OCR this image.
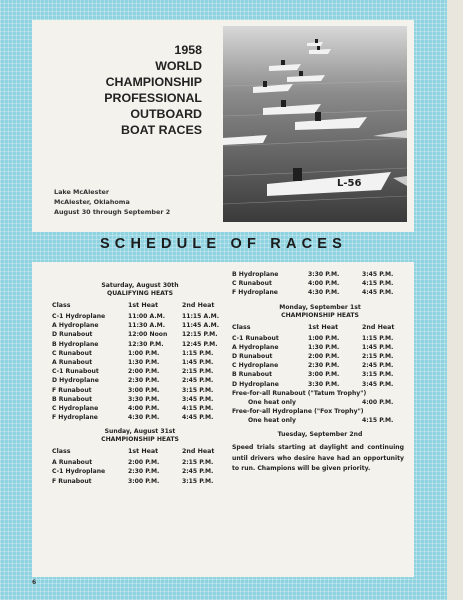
1958
WORLD
CHAMPIONSHIP
PROFESSIONAL
OUTBOARD
BOAT RACES
Lake McAlester
McAlester, Oklahoma
August 30 through September 2
L-56
SCHEDULE OF RACES
Saturday, August 30th
QUALIFYING HEATS
Class	1st Heat	2nd Heat
C-1 Hydroplane	11:00 A.M.	11:15 A.M.
A Hydroplane	11:30 A.M.	11:45 A.M.
D Runabout	12:00 Noon	12:15 P.M.
B Hydroplane	12:30 P.M.	12:45 P.M.
C Runabout	1:00 P.M.	1:15 P.M.
A Runabout	1:30 P.M.	1:45 P.M.
C-1 Runabout	2:00 P.M.	2:15 P.M.
D Hydroplane	2:30 P.M.	2:45 P.M.
F Runabout	3:00 P.M.	3:15 P.M.
B Runabout	3:30 P.M.	3:45 P.M.
C Hydroplane	4:00 P.M.	4:15 P.M.
F Hydroplane	4:30 P.M.	4:45 P.M.
Sunday, August 31st
CHAMPIONSHIP HEATS
Class	1st Heat	2nd Heat
A Runabout	2:00 P.M.	2:15 P.M.
C-1 Hydroplane	2:30 P.M.	2:45 P.M.
F Runabout	3:00 P.M.	3:15 P.M.
B Hydroplane	3:30 P.M.	3:45 P.M.
C Runabout	4:00 P.M.	4:15 P.M.
F Hydroplane	4:30 P.M.	4:45 P.M.
Monday, September 1st
CHAMPIONSHIP HEATS
Class	1st Heat	2nd Heat
C-1 Runabout	1:00 P.M.	1:15 P.M.
A Hydroplane	1:30 P.M.	1:45 P.M.
D Runabout	2:00 P.M.	2:15 P.M.
C Hydroplane	2:30 P.M.	2:45 P.M.
B Runabout	3:00 P.M.	3:15 P.M.
D Hydroplane	3:30 P.M.	3:45 P.M.
Free-for-all Runabout ("Tatum Trophy")
One heat only	4:00 P.M.
Free-for-all Hydroplane ("Fox Trophy")
One heat only	4:15 P.M.
Tuesday, September 2nd
Speed trials starting at daylight and continuing until drivers who desire have had an opportunity to run. Champions will be given priority.
6
